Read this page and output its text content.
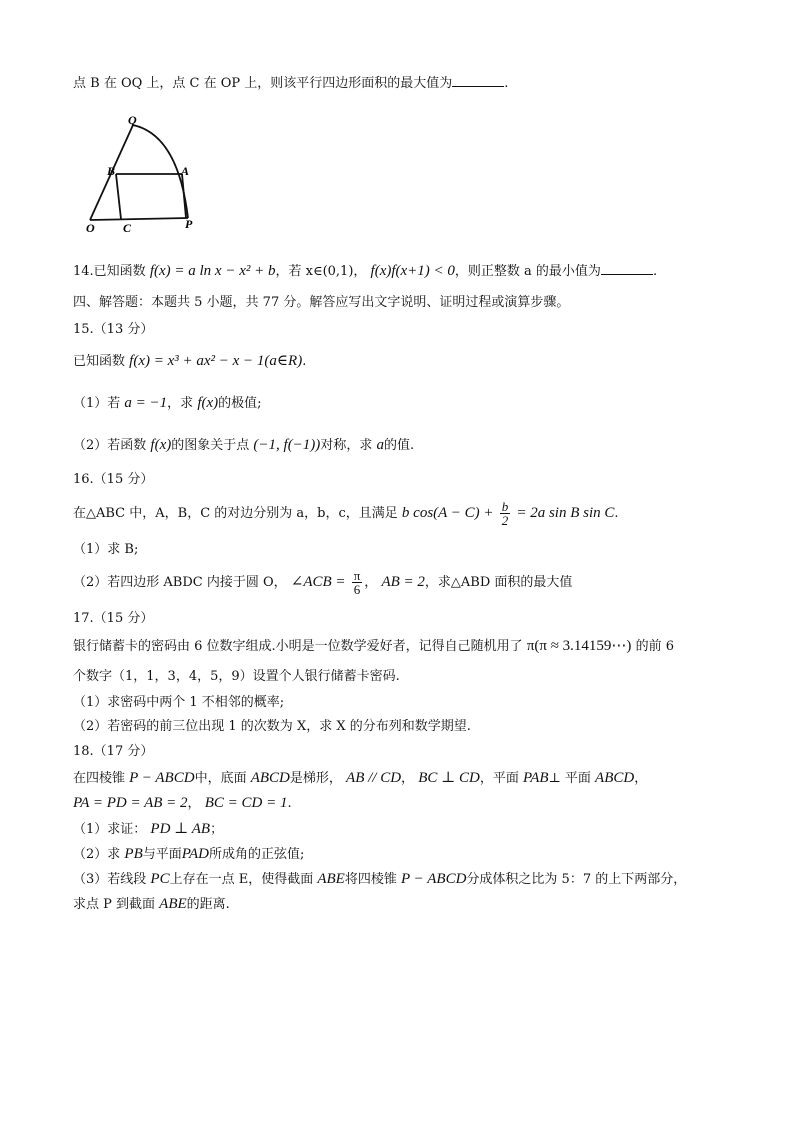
点 B 在 OQ 上，点 C 在 OP 上，则该平行四边形面积的最大值为	.
Q
B	A
O C	P
14.已知函数 f(x) = a ln x − x² + b，若 x∈(0,1)， f(x)f(x+1) < 0，则正整数 a 的最小值为	.
四、解答题：本题共 5 小题，共 77 分。解答应写出文字说明、证明过程或演算步骤。
15.（13 分）
已知函数 f(x) = x³ + ax² − x − 1(a∈R).
（1）若 a = −1，求 f(x)的极值;
（2）若函数 f(x)的图象关于点 (−1, f(−1))对称，求 a的值.
16.（15 分）
在△ABC 中，A，B，C 的对边分别为 a，b，c，且满足 b $\cos(A - C) + \frac{b}{2} = 2a$ sin B sin C.
（1）求 B;
（2）若四边形 ABDC 内接于圆 O， ∠ACB = $\frac{\pi}{6}$ ， AB = 2，求△ABD 面积的最大值
17.（15 分）
银行储蓄卡的密码由 6 位数字组成.小明是一位数学爱好者，记得自己随机用了 π(π ≈ 3.14159⋯) 的前 6
个数字（1，1，3，4，5，9）设置个人银行储蓄卡密码.
（1）求密码中两个 1 不相邻的概率;
（2）若密码的前三位出现 1 的次数为 X，求 X 的分布列和数学期望.
18.（17 分）
在四棱锥 P − ABCD中，底面 ABCD是梯形， AB // CD， BC ⊥ CD，平面 PAB⊥ 平面 ABCD，
PA = PD = AB = 2， BC = CD = 1.
（1）求证： PD ⊥ AB；
（2）求 PB与平面PAD所成角的正弦值;
（3）若线段 PC上存在一点 E，使得截面 ABE将四棱锥 P − ABCD分成体积之比为 5：7 的上下两部分，
求点 P 到截面 ABE的距离.
